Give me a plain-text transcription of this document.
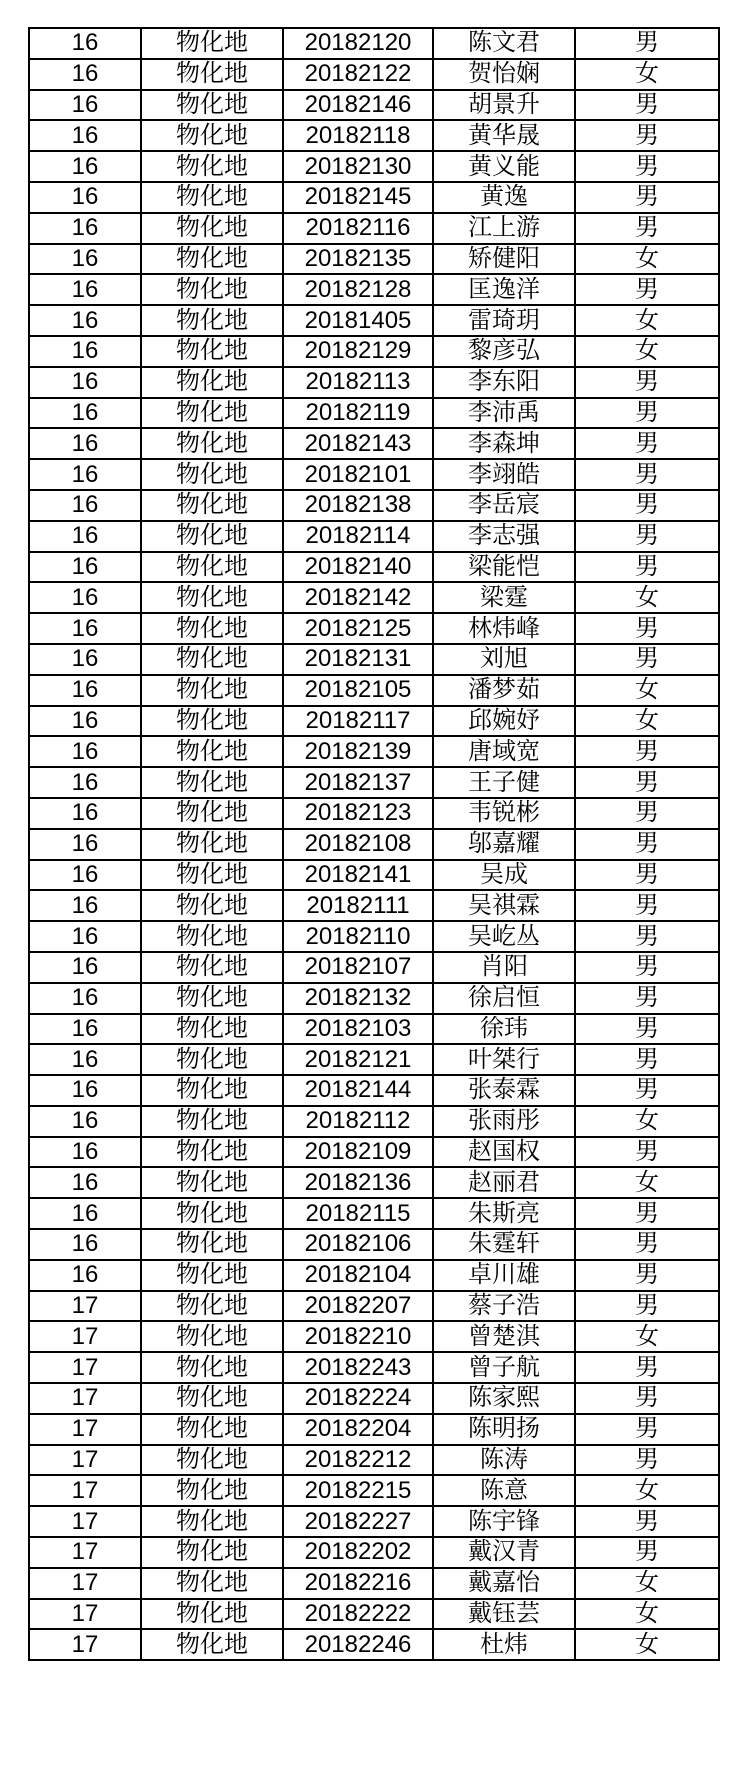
16	物化地	20182120	陈文君	男
16	物化地	20182122	贺怡娴	女
16	物化地	20182146	胡景升	男
16	物化地	20182118	黄华晟	男
16	物化地	20182130	黄义能	男
16	物化地	20182145	黄逸	男
16	物化地	20182116	江上游	男
16	物化地	20182135	矫健阳	女
16	物化地	20182128	匡逸洋	男
16	物化地	20181405	雷琦玥	女
16	物化地	20182129	黎彦弘	女
16	物化地	20182113	李东阳	男
16	物化地	20182119	李沛禹	男
16	物化地	20182143	李森坤	男
16	物化地	20182101	李翊皓	男
16	物化地	20182138	李岳宸	男
16	物化地	20182114	李志强	男
16	物化地	20182140	梁能恺	男
16	物化地	20182142	梁霆	女
16	物化地	20182125	林炜峰	男
16	物化地	20182131	刘旭	男
16	物化地	20182105	潘梦茹	女
16	物化地	20182117	邱婉妤	女
16	物化地	20182139	唐域宽	男
16	物化地	20182137	王子健	男
16	物化地	20182123	韦锐彬	男
16	物化地	20182108	邬嘉耀	男
16	物化地	20182141	吴成	男
16	物化地	20182111	吴祺霖	男
16	物化地	20182110	吴屹丛	男
16	物化地	20182107	肖阳	男
16	物化地	20182132	徐启恒	男
16	物化地	20182103	徐玮	男
16	物化地	20182121	叶桀行	男
16	物化地	20182144	张泰霖	男
16	物化地	20182112	张雨彤	女
16	物化地	20182109	赵国权	男
16	物化地	20182136	赵丽君	女
16	物化地	20182115	朱斯亮	男
16	物化地	20182106	朱霆轩	男
16	物化地	20182104	卓川雄	男
17	物化地	20182207	蔡子浩	男
17	物化地	20182210	曾楚淇	女
17	物化地	20182243	曾子航	男
17	物化地	20182224	陈家熙	男
17	物化地	20182204	陈明扬	男
17	物化地	20182212	陈涛	男
17	物化地	20182215	陈意	女
17	物化地	20182227	陈宇锋	男
17	物化地	20182202	戴汉青	男
17	物化地	20182216	戴嘉怡	女
17	物化地	20182222	戴钰芸	女
17	物化地	20182246	杜炜	女
